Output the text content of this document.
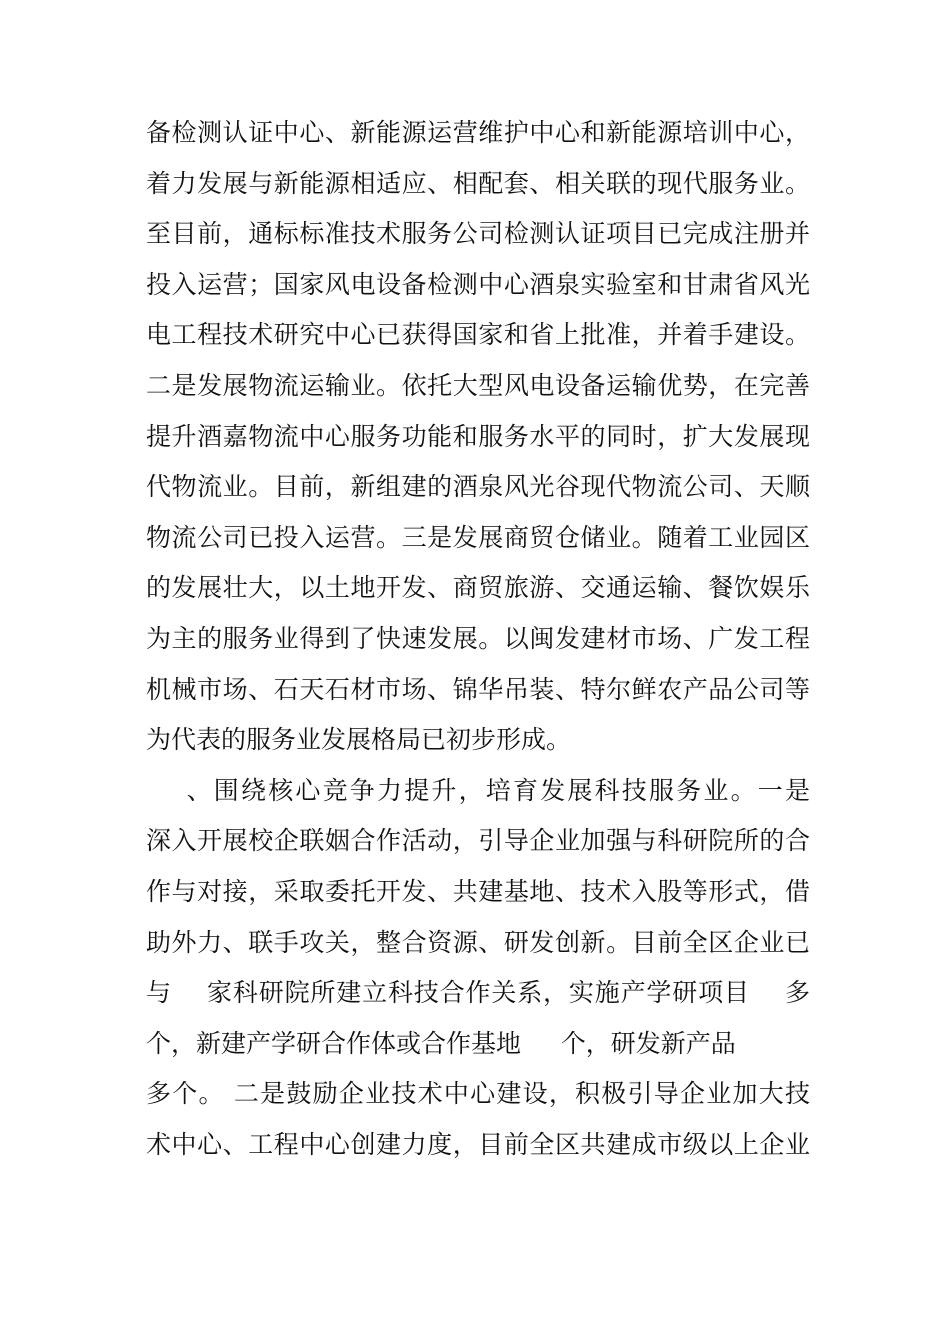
备检测认证中心、新能源运营维护中心和新能源培训中心，
着力发展与新能源相适应、相配套、相关联的现代服务业。
至目前，通标标准技术服务公司检测认证项目已完成注册并
投入运营；国家风电设备检测中心酒泉实验室和甘肃省风光
电工程技术研究中心已获得国家和省上批准，并着手建设。
二是发展物流运输业。依托大型风电设备运输优势，在完善
提升酒嘉物流中心服务功能和服务水平的同时，扩大发展现
代物流业。目前，新组建的酒泉风光谷现代物流公司、天顺
物流公司已投入运营。三是发展商贸仓储业。随着工业园区
的发展壮大，以土地开发、商贸旅游、交通运输、餐饮娱乐
为主的服务业得到了快速发展。以闽发建材市场、广发工程
机械市场、石天石材市场、锦华吊装、特尔鲜农产品公司等
为代表的服务业发展格局已初步形成。
、围绕核心竞争力提升，培育发展科技服务业。一是
深入开展校企联姻合作活动，引导企业加强与科研院所的合
作与对接，采取委托开发、共建基地、技术入股等形式，借
助外力、联手攻关，整合资源、研发创新。目前全区企业已
与    家科研院所建立科技合作关系，实施产学研项目    多
个，新建产学研合作体或合作基地     个，研发新产品
多个。 二是鼓励企业技术中心建设，积极引导企业加大技
术中心、工程中心创建力度，目前全区共建成市级以上企业
